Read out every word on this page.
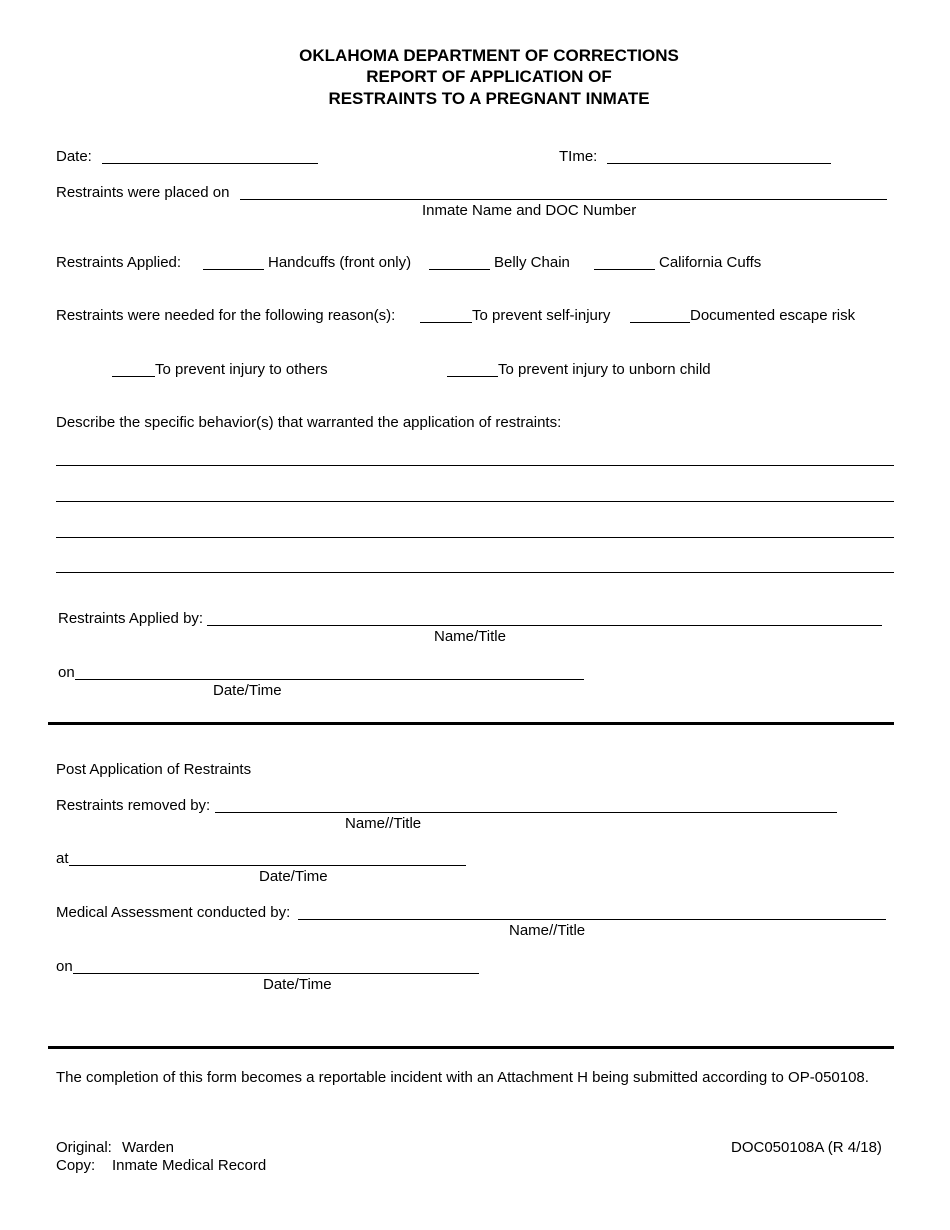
OKLAHOMA DEPARTMENT OF CORRECTIONS
REPORT OF APPLICATION OF
RESTRAINTS TO A PREGNANT INMATE
Date:	TIme:
Restraints were placed on
Inmate Name and DOC Number
Restraints Applied:	Handcuffs (front only)	Belly Chain	California Cuffs
Restraints were needed for the following reason(s):	To prevent self-injury	Documented escape risk
To prevent injury to others	To prevent injury to unborn child
Describe the specific behavior(s) that warranted the application of restraints:
Restraints Applied by:
Name/Title
on
Date/Time
Post Application of Restraints
Restraints removed by:
Name//Title
at
Date/Time
Medical Assessment conducted by:
Name//Title
on
Date/Time
The completion of this form becomes a reportable incident with an Attachment H being submitted according to OP-050108.
Original: Warden
Copy: Inmate Medical Record
DOC050108A (R 4/18)
